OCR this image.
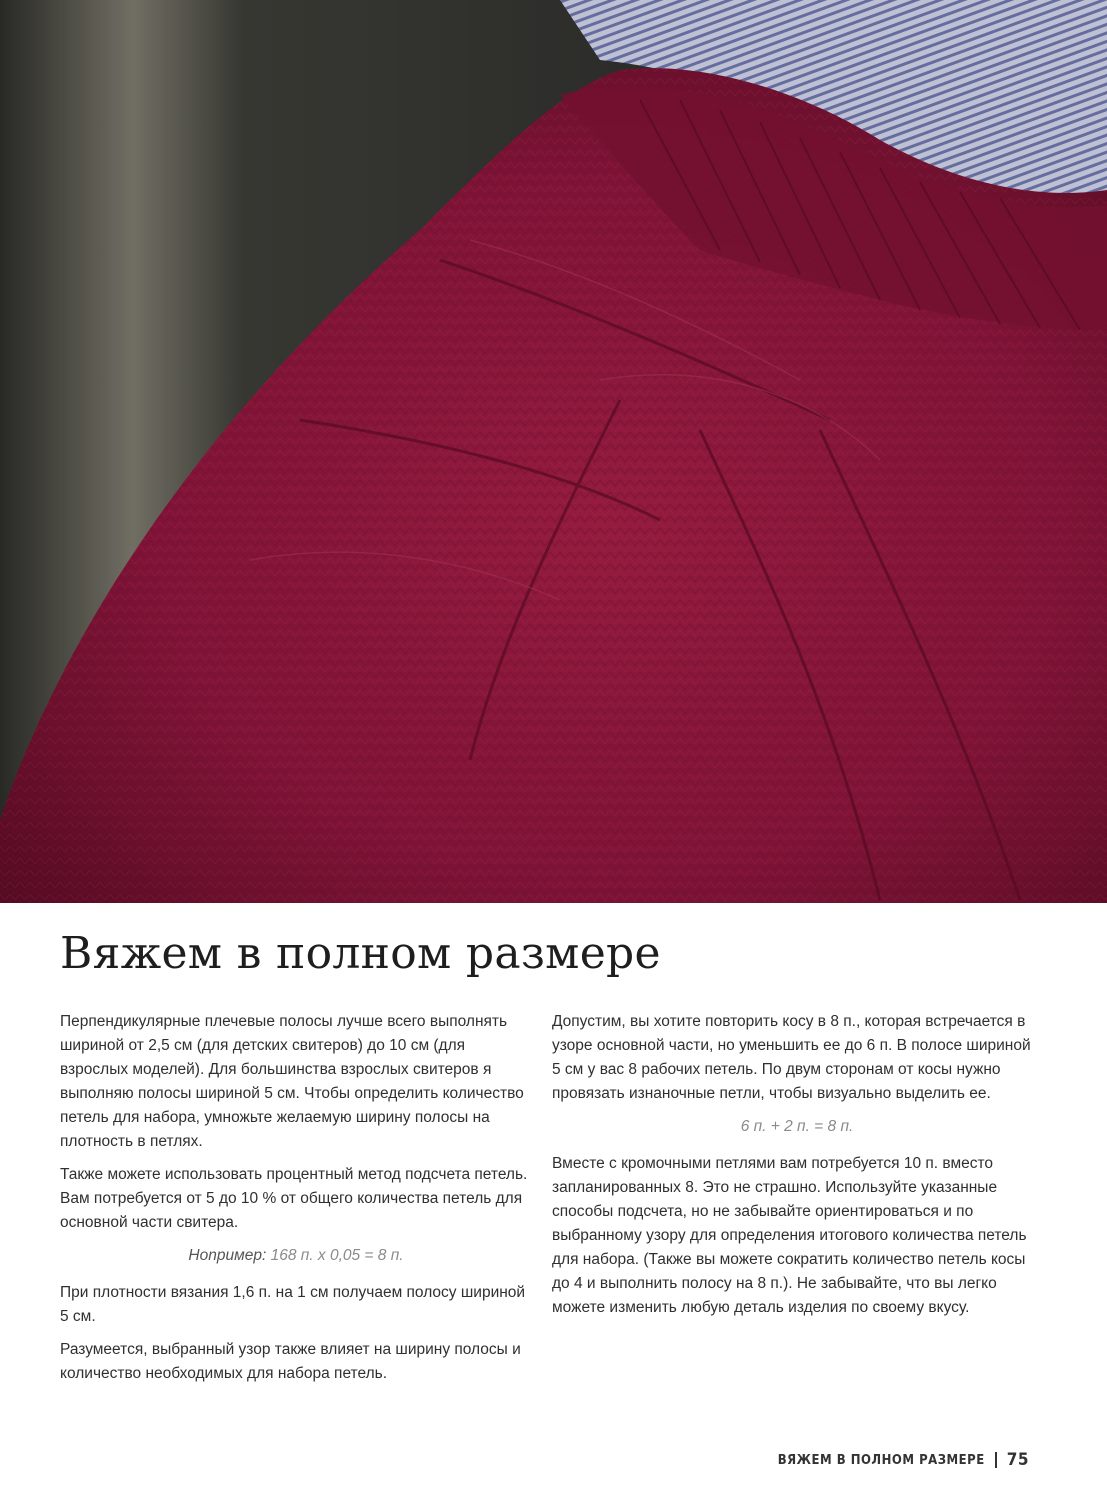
Вяжем в полном размере

Перпендикулярные плечевые полосы лучше всего выполнять шириной от 2,5 см (для детских свитеров) до 10 см (для взрослых моделей). Для большинства взрослых свитеров я выполняю полосы шириной 5 см. Чтобы определить количество петель для набора, умножьте желаемую ширину полосы на плотность в петлях.

Также можете использовать процентный метод подсчета петель. Вам потребуется от 5 до 10 % от общего количества петель для основной части свитера.

Ноnример: 168 п. х 0,05 = 8 п.

При плотности вязания 1,6 п. на 1 см получаем полосу шириной 5 см.

Разумеется, выбранный узор также влияет на ширину полосы и количество необходимых для набора петель.

Допустим, вы хотите повторить косу в 8 п., которая встречается в узоре основной части, но уменьшить ее до 6 п. В полосе шириной 5 см у вас 8 рабочих петель. По двум сторонам от косы нужно провязать изнаночные петли, чтобы визуально выделить ее.

6 п. + 2 п. = 8 п.

Вместе с кромочными петлями вам потребуется 10 п. вместо запланированных 8. Это не страшно. Используйте указанные способы подсчета, но не забывайте ориентироваться и по выбранному узору для определения итогового количества петель для набора. (Также вы можете сократить количество петель косы до 4 и выполнить полосу на 8 п.). Не забывайте, что вы легко можете изменить любую деталь изделия по своему вкусу.

ВЯЖЕМ В ПОЛНОМ РАЗМЕРЕ 75
